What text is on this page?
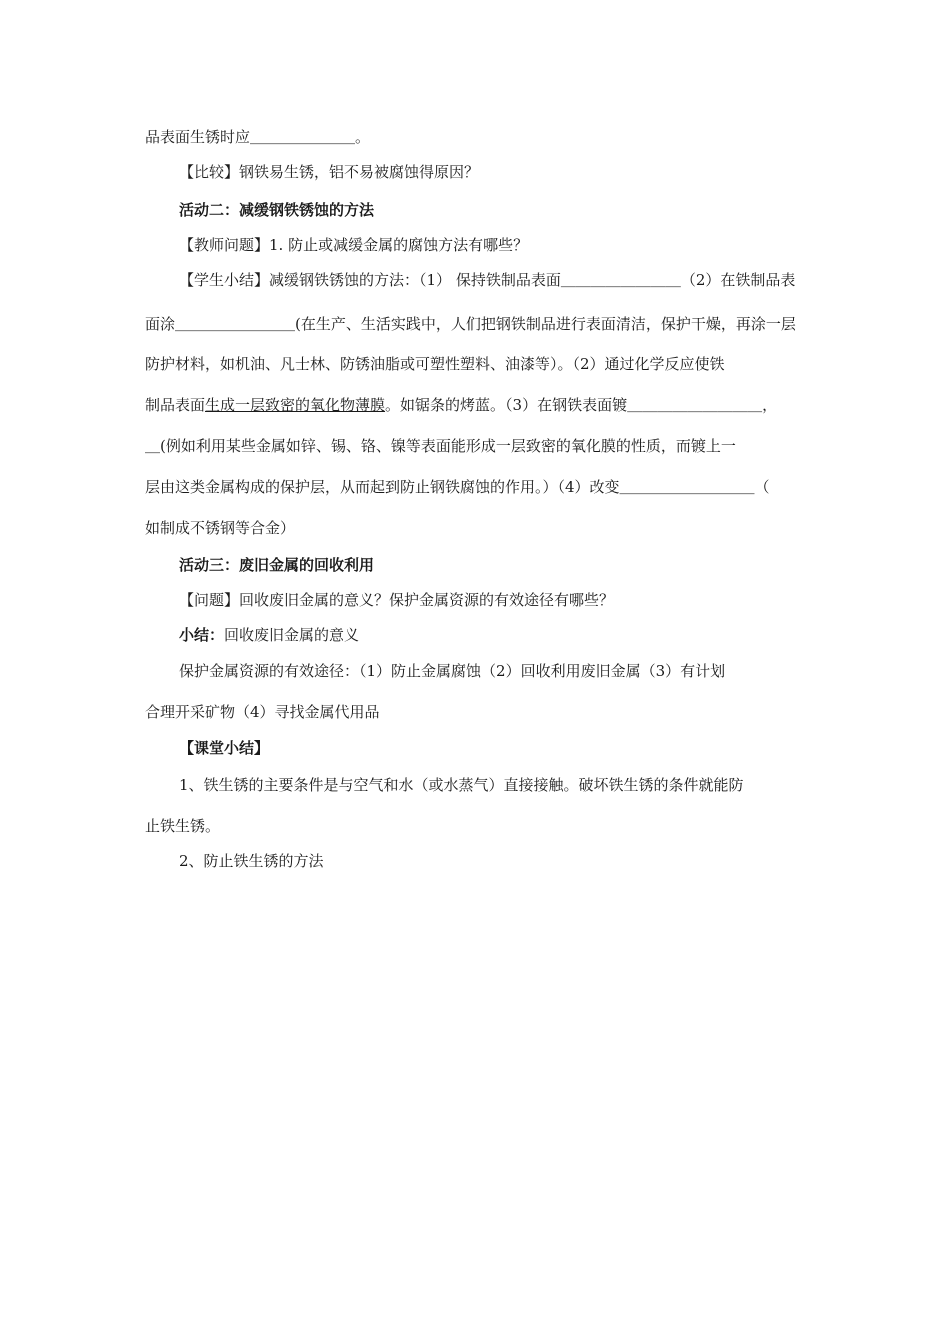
品表面生锈时应＿＿＿＿＿＿＿。
【比较】钢铁易生锈，铝不易被腐蚀得原因？
活动二：减缓钢铁锈蚀的方法
【教师问题】1. 防止或减缓金属的腐蚀方法有哪些？
【学生小结】减缓钢铁锈蚀的方法：（1） 保持铁制品表面＿＿＿＿＿＿＿＿（2）在铁制品表
面涂＿＿＿＿＿＿＿＿(在生产、生活实践中，人们把钢铁制品进行表面清洁，保护干燥，再涂一层
防护材料，如机油、凡士林、防锈油脂或可塑性塑料、油漆等）。（2）通过化学反应使铁
制品表面生成一层致密的氧化物薄膜。如锯条的烤蓝。（3）在钢铁表面镀＿＿＿＿＿＿＿＿＿，
＿(例如利用某些金属如锌、锡、铬、镍等表面能形成一层致密的氧化膜的性质，而镀上一
层由这类金属构成的保护层，从而起到防止钢铁腐蚀的作用。）（4）改变＿＿＿＿＿＿＿＿＿（
如制成不锈钢等合金）
活动三：废旧金属的回收利用
【问题】回收废旧金属的意义？保护金属资源的有效途径有哪些？
小结：回收废旧金属的意义
保护金属资源的有效途径：（1）防止金属腐蚀（2）回收利用废旧金属（3）有计划
合理开采矿物（4）寻找金属代用品
【课堂小结】
1、铁生锈的主要条件是与空气和水（或水蒸气）直接接触。破坏铁生锈的条件就能防
止铁生锈。
2、防止铁生锈的方法
